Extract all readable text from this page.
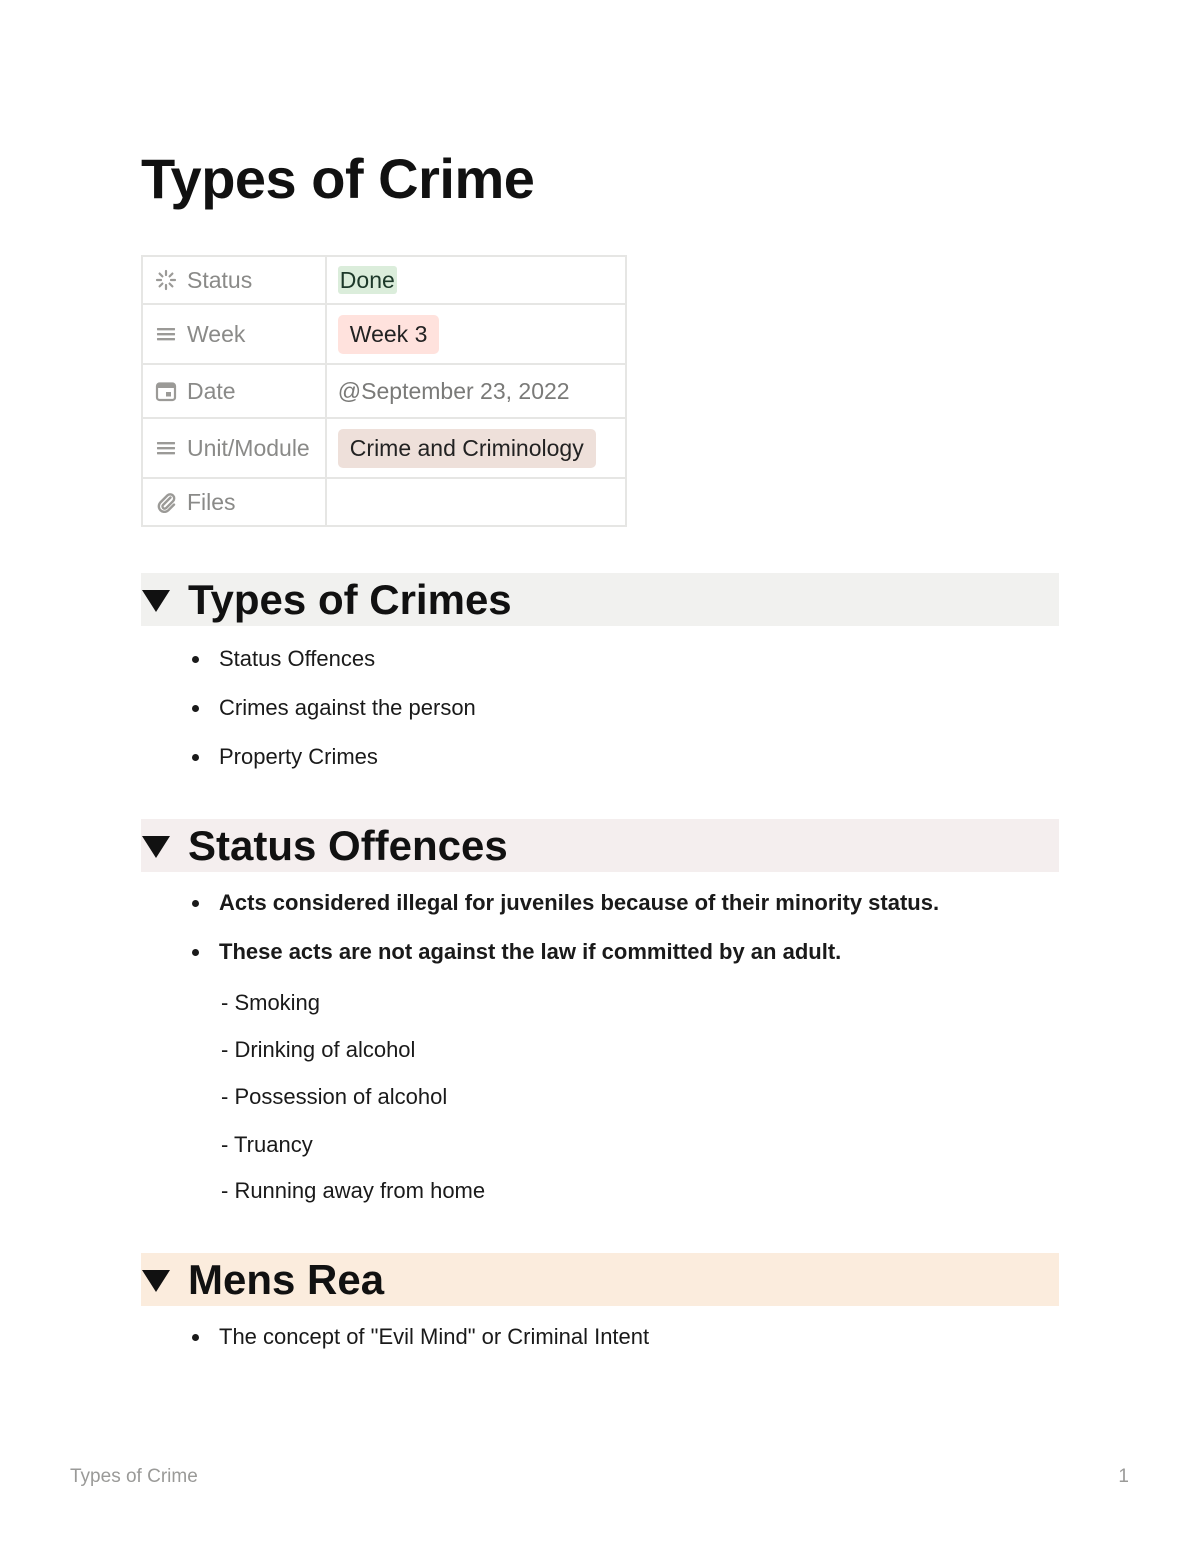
Types of Crime
Status	Done

Week	Week 3

Date	@September 23, 2022

Unit/Module	Crime and Criminology

Files	

Types of Crimes
Status Offences
Crimes against the person
Property Crimes
Status Offences
Acts considered illegal for juveniles because of their minority status.
These acts are not against the law if committed by an adult.
- Smoking
- Drinking of alcohol
- Possession of alcohol
- Truancy
- Running away from home
Mens Rea
The concept of "Evil Mind" or Criminal Intent
Types of Crime	1
